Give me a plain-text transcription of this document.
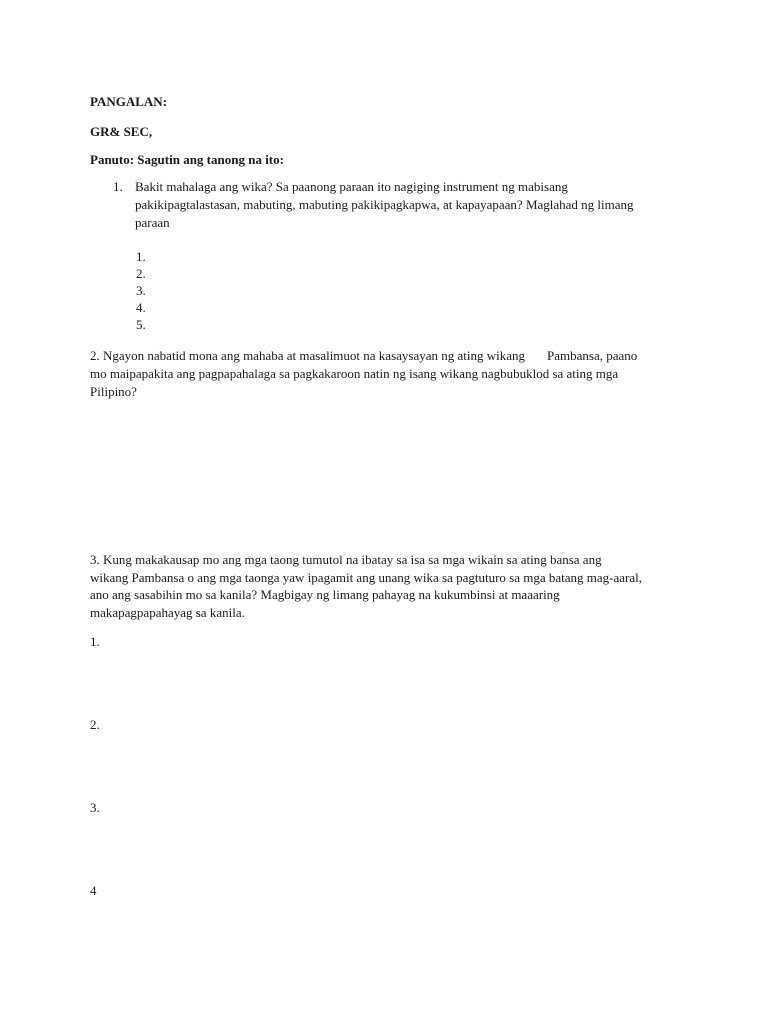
PANGALAN:
GR& SEC,
Panuto: Sagutin ang tanong na ito:
1. Bakit mahalaga ang wika? Sa paanong paraan ito nagiging instrument ng mabisang
pakikipagtalastasan, mabuting, mabuting pakikipagkapwa, at kapayapaan? Maglahad ng limang
paraan
1.
2.
3.
4.
5.
2. Ngayon nabatid mona ang mahaba at masalimuot na kasaysayan ng ating wikang Pambansa, paano
mo maipapakita ang pagpapahalaga sa pagkakaroon natin ng isang wikang nagbubuklod sa ating mga
Pilipino?
3. Kung makakausap mo ang mga taong tumutol na ibatay sa isa sa mga wikain sa ating bansa ang
wikang Pambansa o ang mga taonga yaw ipagamit ang unang wika sa pagtuturo sa mga batang mag-aaral,
ano ang sasabihin mo sa kanila? Magbigay ng limang pahayag na kukumbinsi at maaaring
makapagpapahayag sa kanila.
1.
2.
3.
4
